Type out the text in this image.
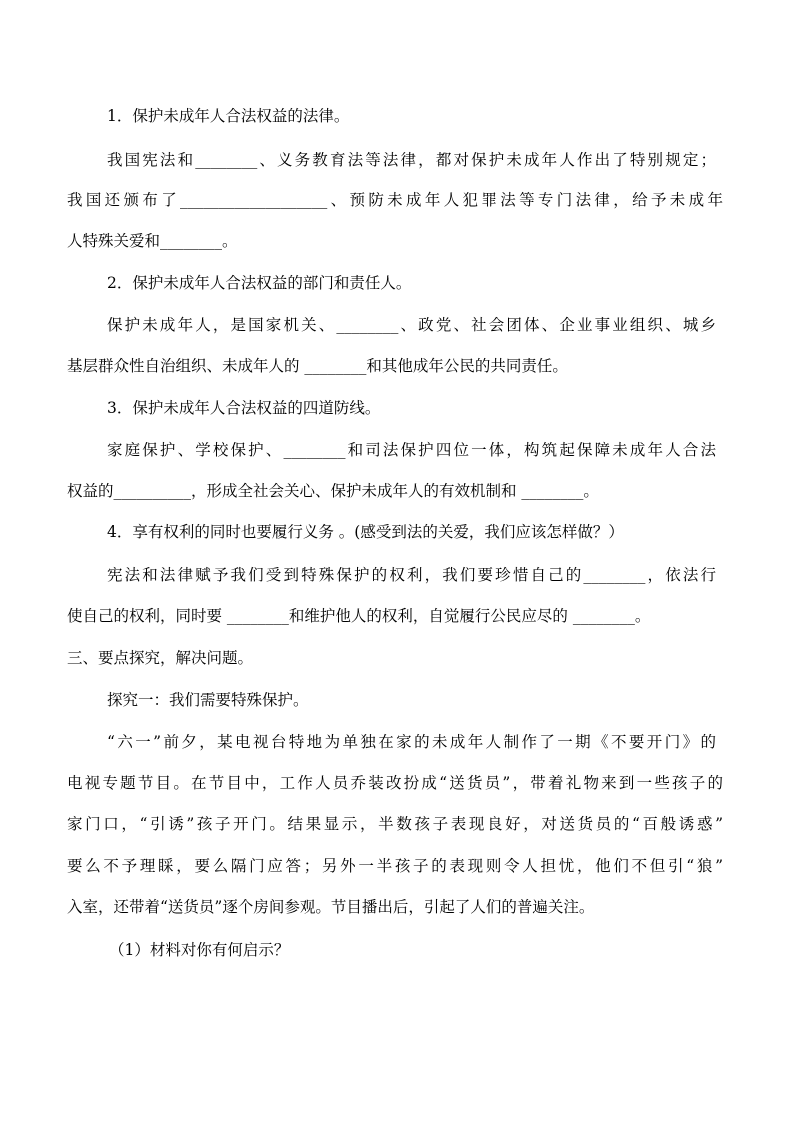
1．保护未成年人合法权益的法律。

我国宪法和________、义务教育法等法律，都对保护未成年人作出了特别规定；

我国还颁布了___________________、预防未成年人犯罪法等专门法律，给予未成年

人特殊关爱和________。

2．保护未成年人合法权益的部门和责任人。

保护未成年人，是国家机关、________、政党、社会团体、企业事业组织、城乡

基层群众性自治组织、未成年人的 ________和其他成年公民的共同责任。

3．保护未成年人合法权益的四道防线。

家庭保护、学校保护、________和司法保护四位一体，构筑起保障未成年人合法

权益的__________，形成全社会关心、保护未成年人的有效机制和 ________。

4．享有权利的同时也要履行义务 。(感受到法的关爱，我们应该怎样做？）

宪法和法律赋予我们受到特殊保护的权利，我们要珍惜自己的________，依法行

使自己的权利，同时要 ________和维护他人的权利，自觉履行公民应尽的 ________。

三、要点探究，解决问题。

探究一：我们需要特殊保护。

“六一”前夕，某电视台特地为单独在家的未成年人制作了一期《不要开门》的

电视专题节目。在节目中，工作人员乔装改扮成“送货员”，带着礼物来到一些孩子的

家门口，“引诱”孩子开门。结果显示，半数孩子表现良好，对送货员的“百般诱惑”

要么不予理睬，要么隔门应答；另外一半孩子的表现则令人担忧，他们不但引“狼”

入室，还带着“送货员”逐个房间参观。节目播出后，引起了人们的普遍关注。

（1）材料对你有何启示？
